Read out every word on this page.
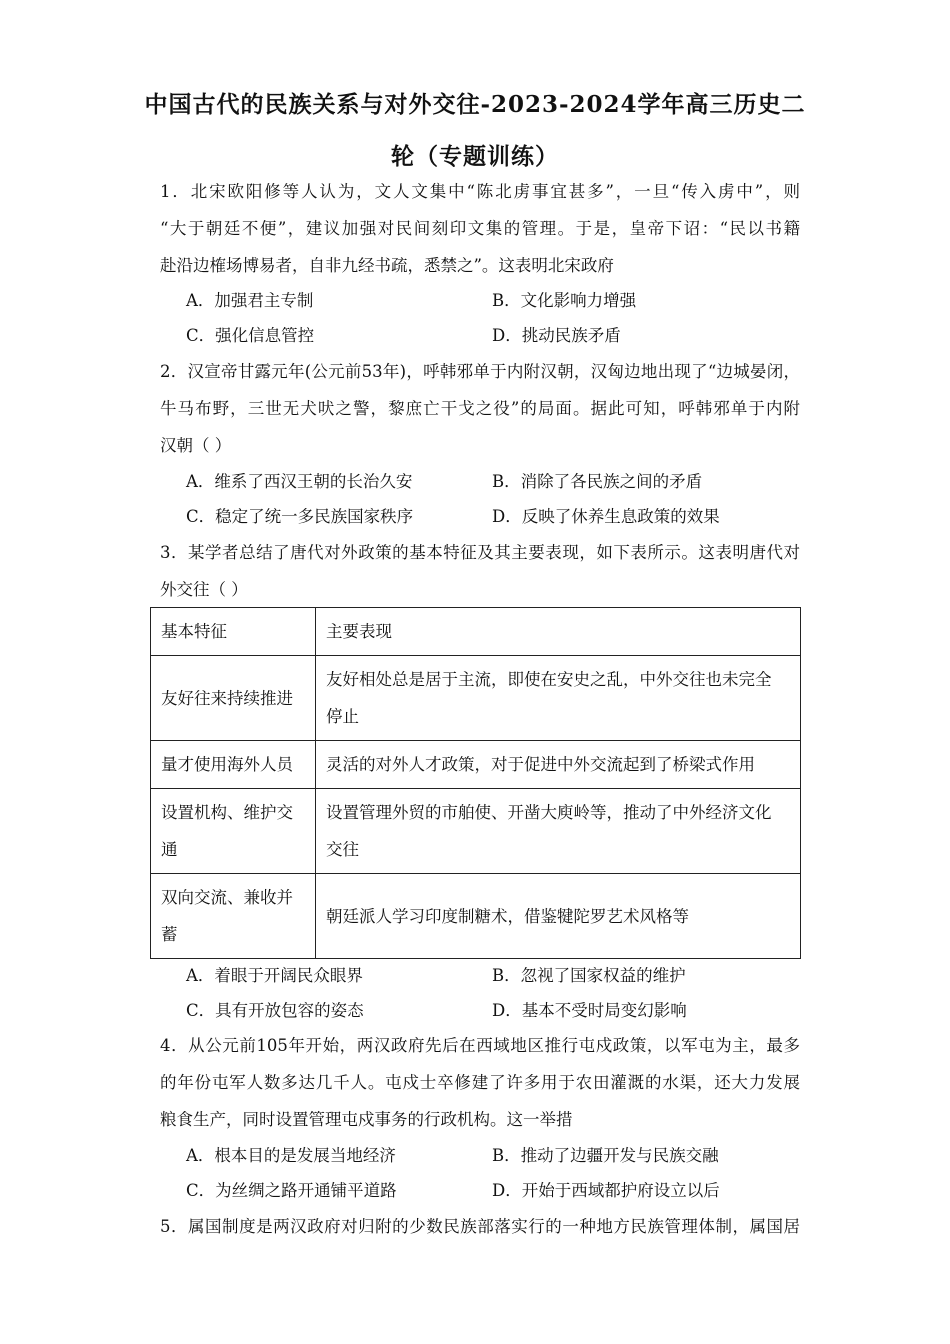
中国古代的民族关系与对外交往-2023-2024学年高三历史二
轮（专题训练）
1．北宋欧阳修等人认为，文人文集中“陈北虏事宜甚多”，一旦“传入虏中”，则
“大于朝廷不便”，建议加强对民间刻印文集的管理。于是，皇帝下诏：“民以书籍
赴沿边榷场博易者，自非九经书疏，悉禁之”。这表明北宋政府
A．加强君主专制	B．文化影响力增强
C．强化信息管控	D．挑动民族矛盾
2．汉宣帝甘露元年(公元前53年)，呼韩邪单于内附汉朝，汉匈边地出现了“边城晏闭，
牛马布野，三世无犬吠之警，黎庶亡干戈之役”的局面。据此可知，呼韩邪单于内附
汉朝（ ）
A．维系了西汉王朝的长治久安	B．消除了各民族之间的矛盾
C．稳定了统一多民族国家秩序	D．反映了休养生息政策的效果
3．某学者总结了唐代对外政策的基本特征及其主要表现，如下表所示。这表明唐代对
外交往（ ）
基本特征	主要表现
友好往来持续推进	友好相处总是居于主流，即使在安史之乱，中外交往也未完全
停止
量才使用海外人员	灵活的对外人才政策，对于促进中外交流起到了桥梁式作用
设置机构、维护交
通	设置管理外贸的市舶使、开凿大庾岭等，推动了中外经济文化
交往
双向交流、兼收并
蓄	朝廷派人学习印度制糖术，借鉴犍陀罗艺术风格等
A．着眼于开阔民众眼界	B．忽视了国家权益的维护
C．具有开放包容的姿态	D．基本不受时局变幻影响
4．从公元前105年开始，两汉政府先后在西域地区推行屯戍政策，以军屯为主，最多
的年份屯军人数多达几千人。屯戍士卒修建了许多用于农田灌溉的水渠，还大力发展
粮食生产，同时设置管理屯戍事务的行政机构。这一举措
A．根本目的是发展当地经济	B．推动了边疆开发与民族交融
C．为丝绸之路开通铺平道路	D．开始于西域都护府设立以后
5．属国制度是两汉政府对归附的少数民族部落实行的一种地方民族管理体制，属国居
